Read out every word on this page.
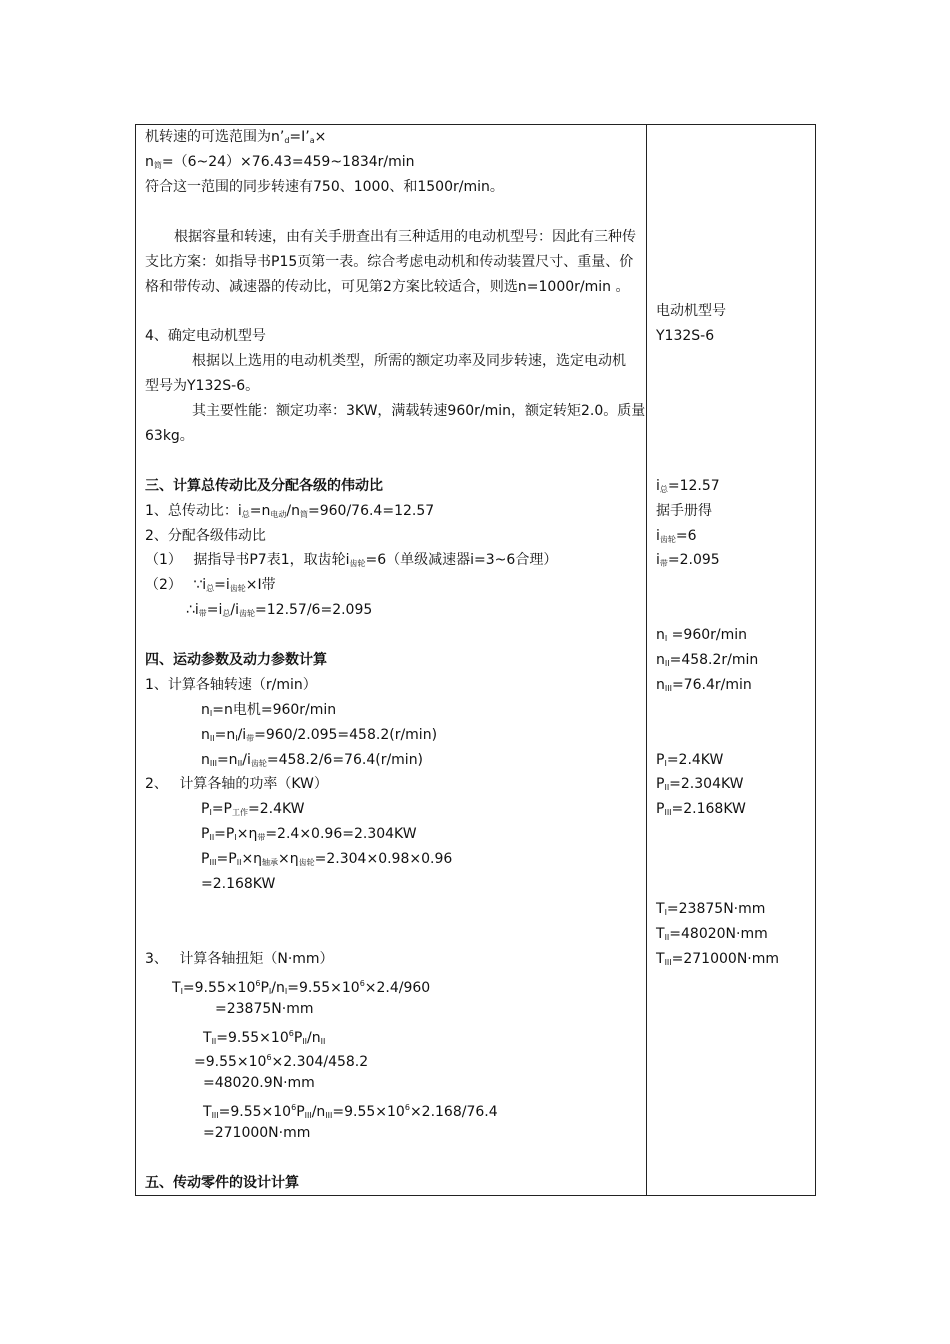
机转速的可选范围为n’d=I’a×
n筒=（6~24）×76.43=459~1834r/min
符合这一范围的同步转速有750、1000、和1500r/min。
根据容量和转速，由有关手册查出有三种适用的电动机型号：因此有三种传
支比方案：如指导书P15页第一表。综合考虑电动机和传动装置尺寸、重量、价
格和带传动、减速器的传动比，可见第2方案比较适合，则选n=1000r/min 。
4、确定电动机型号
根据以上选用的电动机类型，所需的额定功率及同步转速，选定电动机
型号为Y132S-6。
其主要性能：额定功率：3KW，满载转速960r/min，额定转矩2.0。质量
63kg。
三、计算总传动比及分配各级的伟动比
1、总传动比：i总=n电动/n筒=960/76.4=12.57
2、分配各级伟动比
（1）　 据指导书P7表1，取齿轮i齿轮=6（单级减速器i=3~6合理）
（2）　 ∵i总=i齿轮×I带
∴i带=i总/i齿轮=12.57/6=2.095
四、运动参数及动力参数计算
1、计算各轴转速（r/min）
nI=n电机=960r/min
nII=nI/i带=960/2.095=458.2(r/min)
nIII=nII/i齿轮=458.2/6=76.4(r/min)
2、　 计算各轴的功率（KW）
PI=P工作=2.4KW
PII=PI×η带=2.4×0.96=2.304KW
PIII=PII×η轴承×η齿轮=2.304×0.98×0.96
=2.168KW
3、　 计算各轴扭矩（N·mm）
$TI=9.55\times 10^6PI/nI=9.55\times 10^6\times 2.4/960$
=23875N·mm
$TII=9.55\times 10^6PII$/nII
$=9.55\times 10^6\times 2.304/458.2$
=48020.9N·mm
$TIII=9.55\times 10^6PIII/nIII=9.55\times 10^6\times 2.168/76.4$
=271000N·mm
五、传动零件的设计计算
电动机型号
Y132S-6
i总=12.57
据手册得
i齿轮=6
i带=2.095
nI =960r/min
nII=458.2r/min
nIII=76.4r/min
PI=2.4KW
PII=2.304KW
PIII=2.168KW
TI=23875N·mm
TII=48020N·mm
TIII=271000N·mm
